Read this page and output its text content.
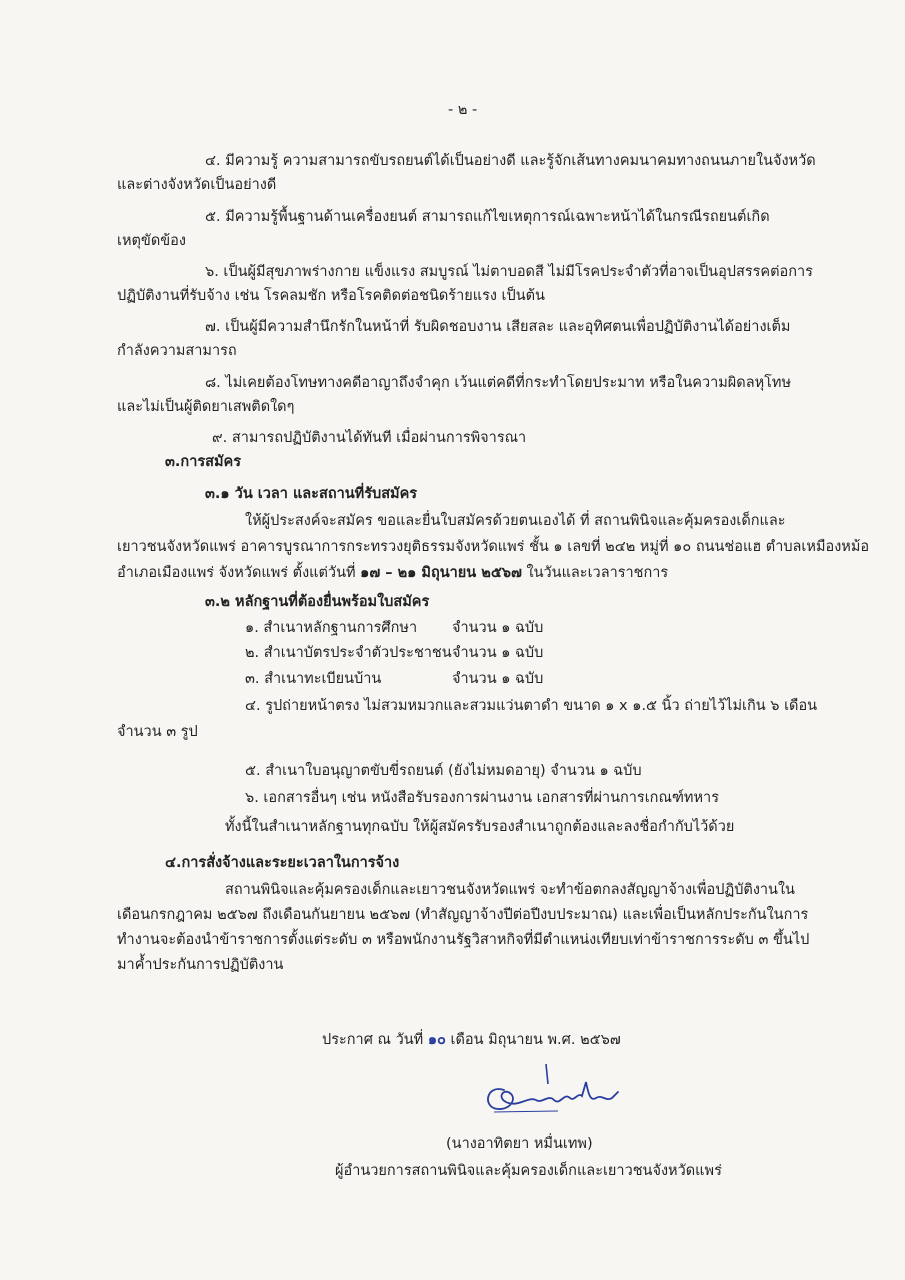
- ๒ -
๔. มีความรู้ ความสามารถขับรถยนต์ได้เป็นอย่างดี และรู้จักเส้นทางคมนาคมทางถนนภายในจังหวัด
และต่างจังหวัดเป็นอย่างดี
๕. มีความรู้พื้นฐานด้านเครื่องยนต์ สามารถแก้ไขเหตุการณ์เฉพาะหน้าได้ในกรณีรถยนต์เกิด
เหตุขัดข้อง
๖. เป็นผู้มีสุขภาพร่างกาย แข็งแรง สมบูรณ์ ไม่ตาบอดสี ไม่มีโรคประจำตัวที่อาจเป็นอุปสรรคต่อการ
ปฏิบัติงานที่รับจ้าง เช่น โรคลมชัก หรือโรคติดต่อชนิดร้ายแรง เป็นต้น
๗. เป็นผู้มีความสำนึกรักในหน้าที่ รับผิดชอบงาน เสียสละ และอุทิศตนเพื่อปฏิบัติงานได้อย่างเต็ม
กำลังความสามารถ
๘. ไม่เคยต้องโทษทางคดีอาญาถึงจำคุก เว้นแต่คดีที่กระทำโดยประมาท หรือในความผิดลหุโทษ
และไม่เป็นผู้ติดยาเสพติดใดๆ
๙. สามารถปฏิบัติงานได้ทันที เมื่อผ่านการพิจารณา
๓.การสมัคร
๓.๑ วัน เวลา และสถานที่รับสมัคร
ให้ผู้ประสงค์จะสมัคร ขอและยื่นใบสมัครด้วยตนเองได้ ที่ สถานพินิจและคุ้มครองเด็กและ
เยาวชนจังหวัดแพร่ อาคารบูรณาการกระทรวงยุติธรรมจังหวัดแพร่ ชั้น ๑ เลขที่ ๒๔๒ หมู่ที่ ๑๐ ถนนช่อแฮ ตำบลเหมืองหม้อ
อำเภอเมืองแพร่ จังหวัดแพร่ ตั้งแต่วันที่ ๑๗ – ๒๑ มิถุนายน ๒๕๖๗ ในวันและเวลาราชการ
๓.๒ หลักฐานที่ต้องยื่นพร้อมใบสมัคร
๑. สำเนาหลักฐานการศึกษา จำนวน ๑ ฉบับ
๒. สำเนาบัตรประจำตัวประชาชน จำนวน ๑ ฉบับ
๓. สำเนาทะเบียนบ้าน	จำนวน ๑ ฉบับ
๔. รูปถ่ายหน้าตรง ไม่สวมหมวกและสวมแว่นตาดำ ขนาด ๑ x ๑.๕ นิ้ว ถ่ายไว้ไม่เกิน ๖ เดือน
จำนวน ๓ รูป
๕. สำเนาใบอนุญาตขับขี่รถยนต์ (ยังไม่หมดอายุ) จำนวน ๑ ฉบับ
๖. เอกสารอื่นๆ เช่น หนังสือรับรองการผ่านงาน เอกสารที่ผ่านการเกณฑ์ทหาร
ทั้งนี้ในสำเนาหลักฐานทุกฉบับ ให้ผู้สมัครรับรองสำเนาถูกต้องและลงชื่อกำกับไว้ด้วย
๔.การสั่งจ้างและระยะเวลาในการจ้าง
สถานพินิจและคุ้มครองเด็กและเยาวชนจังหวัดแพร่ จะทำข้อตกลงสัญญาจ้างเพื่อปฏิบัติงานใน
เดือนกรกฎาคม ๒๕๖๗ ถึงเดือนกันยายน ๒๕๖๗ (ทำสัญญาจ้างปีต่อปีงบประมาณ) และเพื่อเป็นหลักประกันในการ
ทำงานจะต้องนำข้าราชการตั้งแต่ระดับ ๓ หรือพนักงานรัฐวิสาหกิจที่มีตำแหน่งเทียบเท่าข้าราชการระดับ ๓ ขึ้นไป
มาค้ำประกันการปฏิบัติงาน
ประกาศ ณ วันที่ ๑๐ เดือน มิถุนายน พ.ศ. ๒๕๖๗
(นางอาทิตยา หมื่นเทพ)
ผู้อำนวยการสถานพินิจและคุ้มครองเด็กและเยาวชนจังหวัดแพร่
